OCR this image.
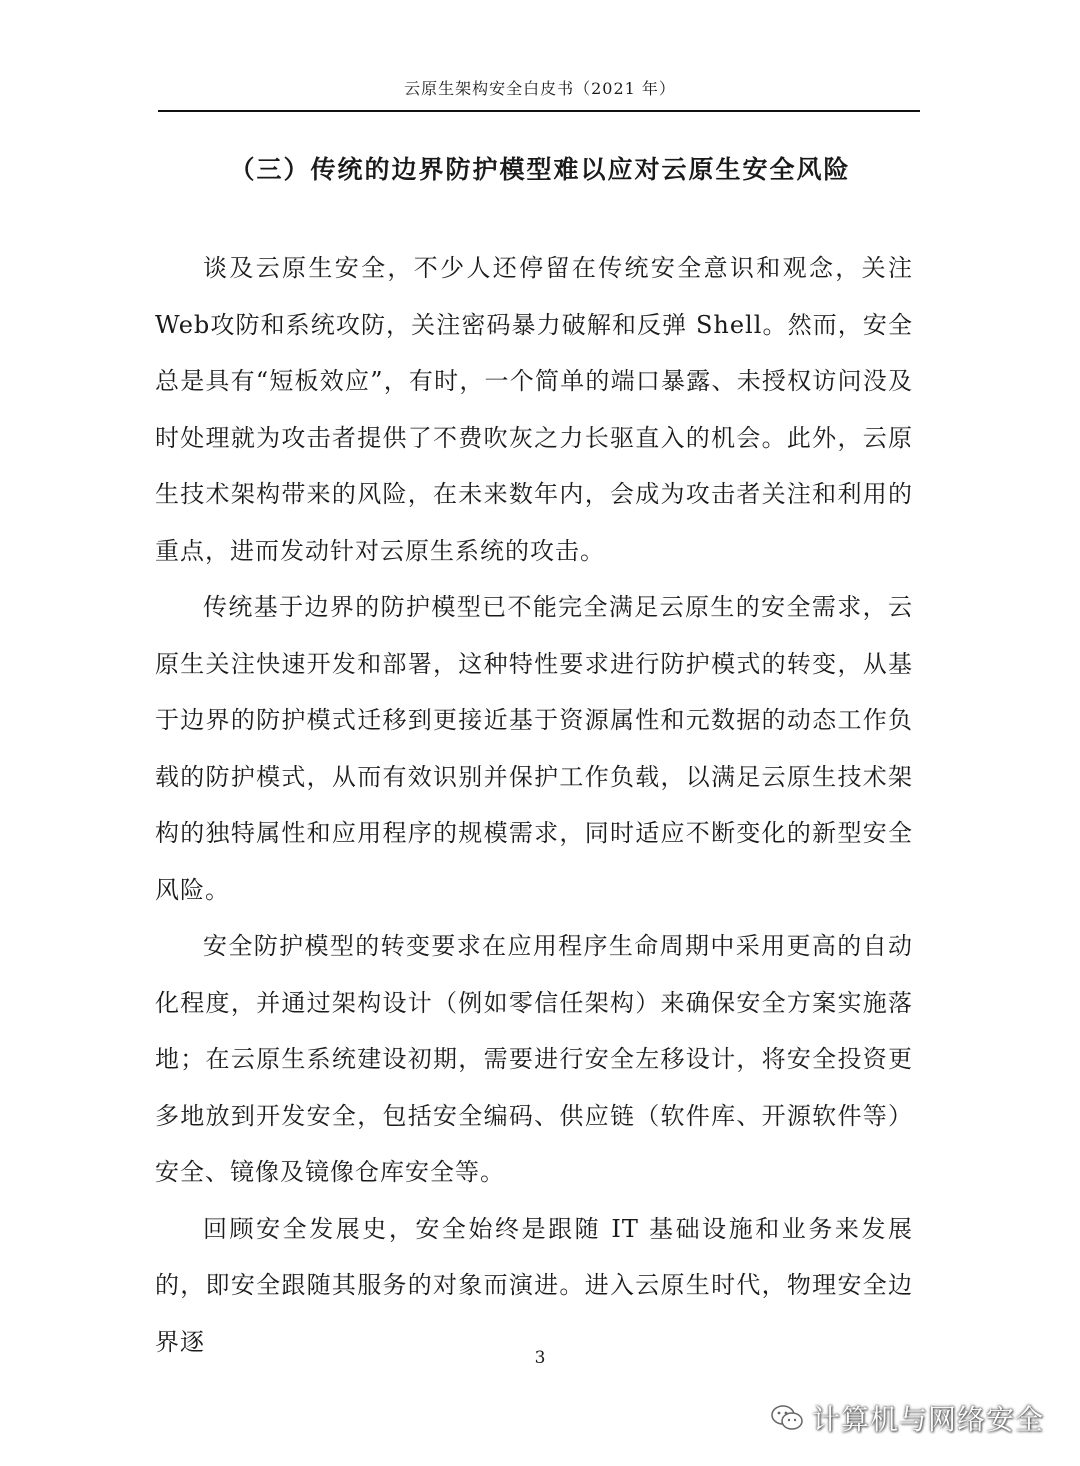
云原生架构安全白皮书（2021 年）
（三）传统的边界防护模型难以应对云原生安全风险

谈及云原生安全，不少人还停留在传统安全意识和观念，关注Web攻防和系统攻防，关注密码暴力破解和反弹 Shell。然而，安全总是具有“短板效应”，有时，一个简单的端口暴露、未授权访问没及时处理就为攻击者提供了不费吹灰之力长驱直入的机会。此外，云原生技术架构带来的风险，在未来数年内，会成为攻击者关注和利用的重点，进而发动针对云原生系统的攻击。

传统基于边界的防护模型已不能完全满足云原生的安全需求，云原生关注快速开发和部署，这种特性要求进行防护模式的转变，从基于边界的防护模式迁移到更接近基于资源属性和元数据的动态工作负载的防护模式，从而有效识别并保护工作负载，以满足云原生技术架构的独特属性和应用程序的规模需求，同时适应不断变化的新型安全风险。

安全防护模型的转变要求在应用程序生命周期中采用更高的自动化程度，并通过架构设计（例如零信任架构）来确保安全方案实施落地；在云原生系统建设初期，需要进行安全左移设计，将安全投资更多地放到开发安全，包括安全编码、供应链（软件库、开源软件等）安全、镜像及镜像仓库安全等。

回顾安全发展史，安全始终是跟随 IT 基础设施和业务来发展的，即安全跟随其服务的对象而演进。进入云原生时代，物理安全边界逐

3
计算机与网络安全
